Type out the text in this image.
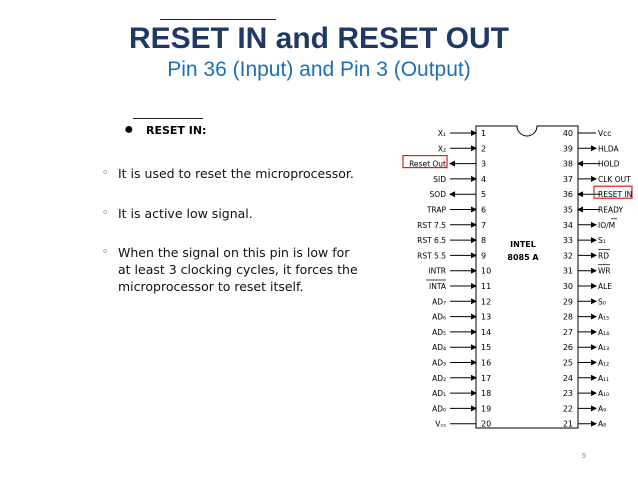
RESET IN and RESET OUT
Pin 36 (Input) and Pin 3 (Output)
● RESET IN:
◦ It is used to reset the microprocessor.
◦ It is active low signal.
◦ When the signal on this pin is low for at least 3 clocking cycles, it forces the microprocessor to reset itself.
INTEL
8085 A
1
X₁
2
X₂
3
Reset Out
4
SID
5
SOD
6
TRAP
7
RST 7.5
8
RST 6.5
9
RST 5.5
10
INTR
11
INTA
12
AD₇
13
AD₆
14
AD₅
15
AD₄
16
AD₃
17
AD₂
18
AD₁
19
AD₀
20
Vₛₛ
40	Vcc
39	HLDA
38	HOLD
37	CLK OUT
36	RESET IN
35	READY
34	IO/M
33	S₁
32	RD
31	WR
30	ALE
29	S₀
28	A₁₅
27	A₁₄
26	A₁₃
25	A₁₂
24	A₁₁
23	A₁₀
22	A₉
21	A₈
5
